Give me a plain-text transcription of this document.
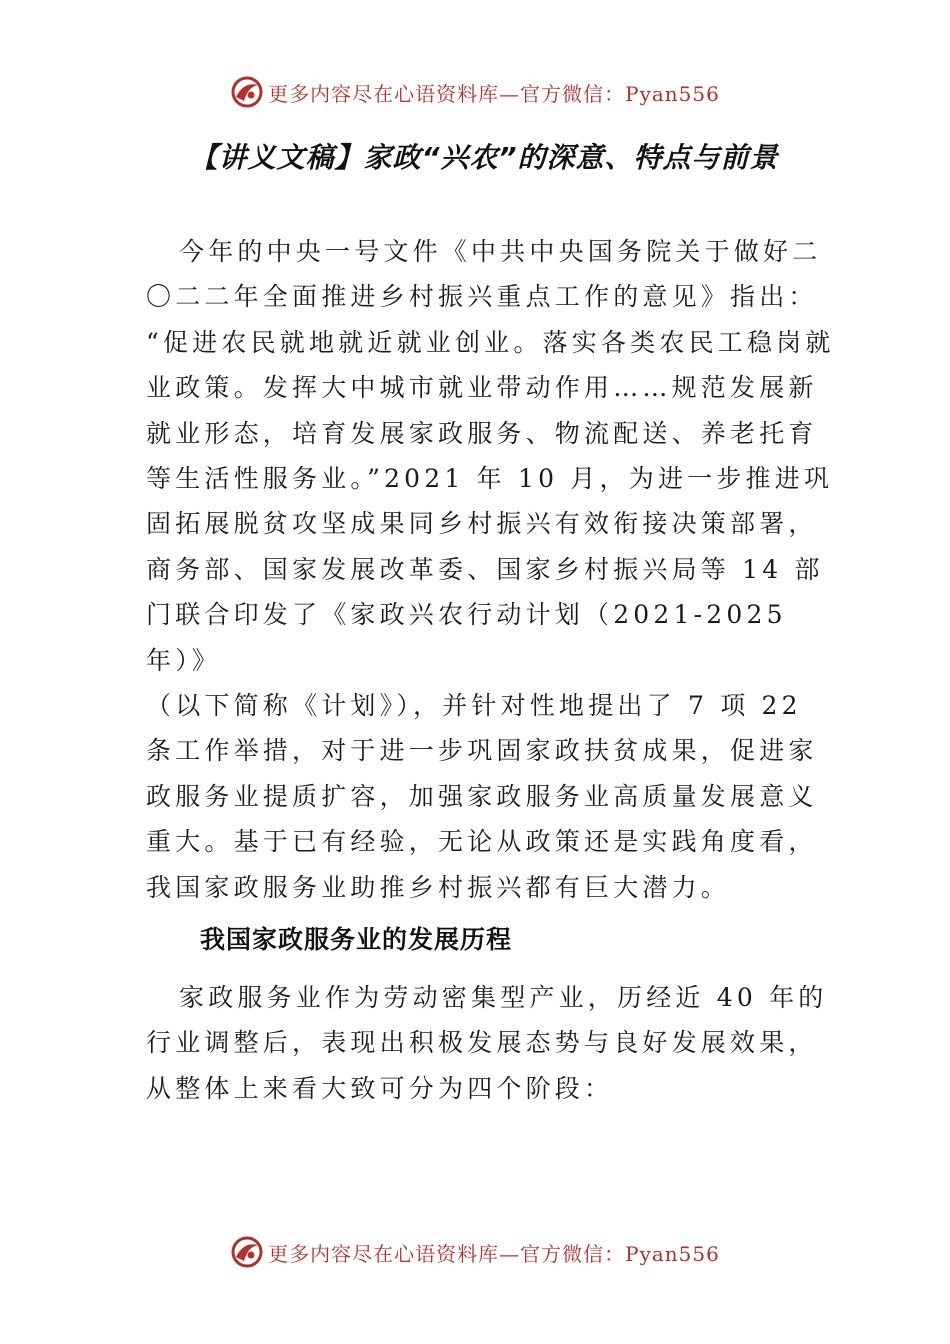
更多内容尽在心语资料库—官方微信：Pyan556
【讲义文稿】家政“兴农”的深意、特点与前景

今年的中央一号文件《中共中央国务院关于做好二
〇二二年全面推进乡村振兴重点工作的意见》指出：
“促进农民就地就近就业创业。落实各类农民工稳岗就
业政策。发挥大中城市就业带动作用……规范发展新
就业形态，培育发展家政服务、物流配送、养老托育
等生活性服务业。”2021 年 10 月，为进一步推进巩
固拓展脱贫攻坚成果同乡村振兴有效衔接决策部署，
商务部、国家发展改革委、国家乡村振兴局等 14 部
门联合印发了《家政兴农行动计划（2021-2025
年）》
（以下简称《计划》），并针对性地提出了 7 项 22
条工作举措，对于进一步巩固家政扶贫成果，促进家
政服务业提质扩容，加强家政服务业高质量发展意义
重大。基于已有经验，无论从政策还是实践角度看，
我国家政服务业助推乡村振兴都有巨大潜力。

我国家政服务业的发展历程

家政服务业作为劳动密集型产业，历经近 40 年的
行业调整后，表现出积极发展态势与良好发展效果，
从整体上来看大致可分为四个阶段：

更多内容尽在心语资料库—官方微信：Pyan556
